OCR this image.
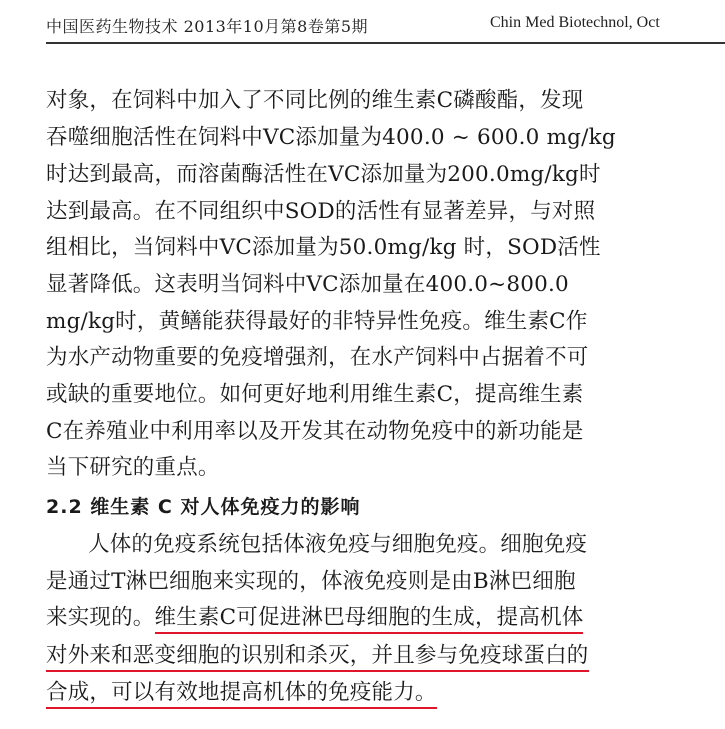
中国医药生物技术 2013年10月第8卷第5期	Chin Med Biotechnol, Oct
对象，在饲料中加入了不同比例的维生素C磷酸酯，发现
吞噬细胞活性在饲料中VC添加量为400.0 ~ 600.0 mg/kg
时达到最高，而溶菌酶活性在VC添加量为200.0mg/kg时
达到最高。在不同组织中SOD的活性有显著差异，与对照
组相比，当饲料中VC添加量为50.0mg/kg 时，SOD活性
显著降低。这表明当饲料中VC添加量在400.0~800.0
mg/kg时，黄鳝能获得最好的非特异性免疫。维生素C作
为水产动物重要的免疫增强剂，在水产饲料中占据着不可
或缺的重要地位。如何更好地利用维生素C，提高维生素
C在养殖业中利用率以及开发其在动物免疫中的新功能是
当下研究的重点。
2.2 维生素 C 对人体免疫力的影响
人体的免疫系统包括体液免疫与细胞免疫。细胞免疫
是通过T淋巴细胞来实现的，体液免疫则是由B淋巴细胞
来实现的。维生素C可促进淋巴母细胞的生成，提高机体
对外来和恶变细胞的识别和杀灭，并且参与免疫球蛋白的
合成，可以有效地提高机体的免疫能力。
